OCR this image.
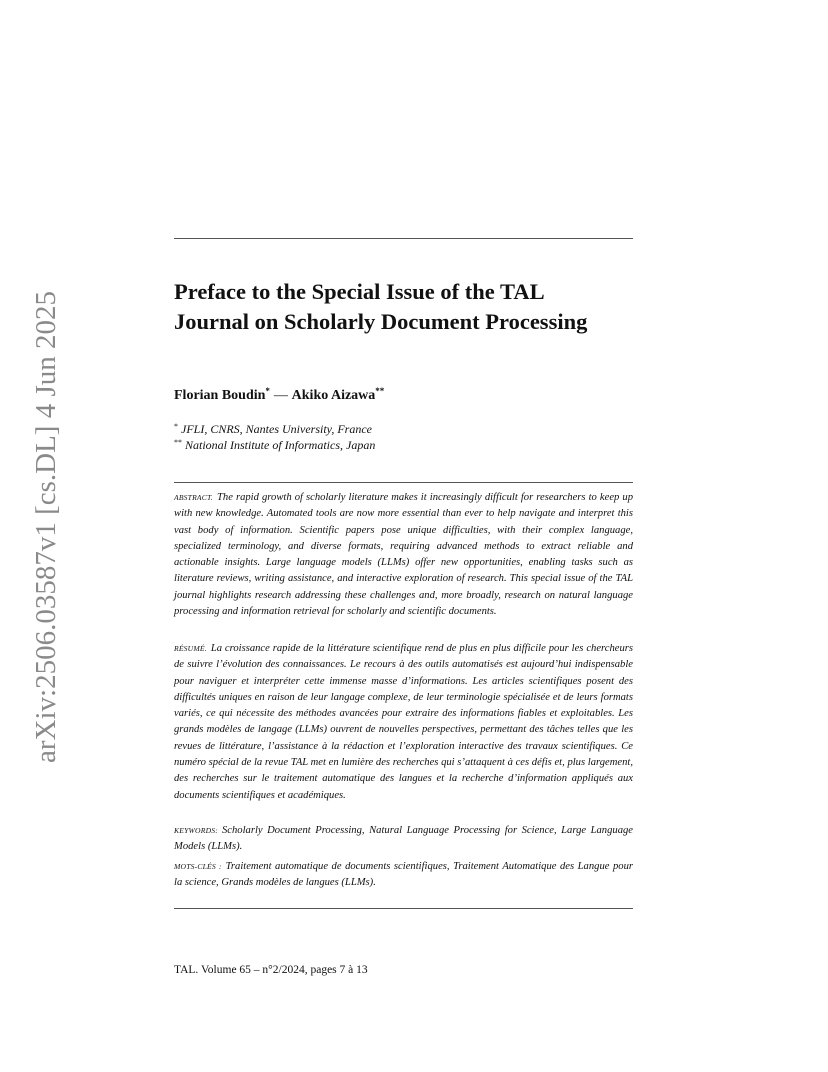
arXiv:2506.03587v1 [cs.DL] 4 Jun 2025	Preface to the Special Issue of the TAL
Journal on Scholarly Document Processing

Florian Boudin* — Akiko Aizawa**

* JFLI, CNRS, Nantes University, France
** National Institute of Informatics, Japan

ABSTRACT. The rapid growth of scholarly literature makes it increasingly difficult for researchers to keep up with new knowledge. Automated tools are now more essential than ever to help navigate and interpret this vast body of information. Scientific papers pose unique difficulties, with their complex language, specialized terminology, and diverse formats, requiring advanced methods to extract reliable and actionable insights. Large language models (LLMs) offer new opportunities, enabling tasks such as literature reviews, writing assistance, and interactive exploration of research. This special issue of the TAL journal highlights research addressing these challenges and, more broadly, research on natural language processing and information retrieval for scholarly and scientific documents.

RÉSUMÉ. La croissance rapide de la littérature scientifique rend de plus en plus difficile pour les chercheurs de suivre l’évolution des connaissances. Le recours à des outils automatisés est aujourd’hui indispensable pour naviguer et interpréter cette immense masse d’informations. Les articles scientifiques posent des difficultés uniques en raison de leur langage complexe, de leur terminologie spécialisée et de leurs formats variés, ce qui nécessite des méthodes avancées pour extraire des informations fiables et exploitables. Les grands modèles de langage (LLMs) ouvrent de nouvelles perspectives, permettant des tâches telles que les revues de littérature, l’assistance à la rédaction et l’exploration interactive des travaux scientifiques. Ce numéro spécial de la revue TAL met en lumière des recherches qui s’attaquent à ces défis et, plus largement, des recherches sur le traitement automatique des langues et la recherche d’information appliqués aux documents scientifiques et académiques.

KEYWORDS: Scholarly Document Processing, Natural Language Processing for Science, Large Language Models (LLMs).

MOTS-CLÉS : Traitement automatique de documents scientifiques, Traitement Automatique des Langue pour la science, Grands modèles de langues (LLMs).

TAL. Volume 65 – n°2/2024, pages 7 à 13
